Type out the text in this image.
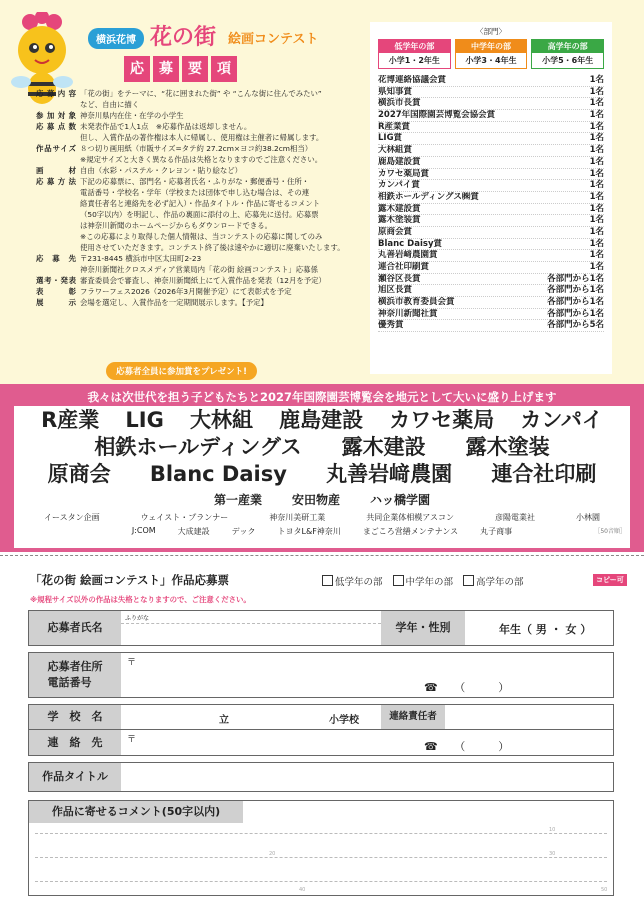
横浜花博 花の街 絵画コンテスト
応	募	要	項
応募内容 「花の街」をテーマに、“花に囲まれた街” や “こんな街に住んでみたい”
など、自由に描く
参加対象 神奈川県内在住・在学の小学生
応募点数 未発表作品で1人1点　※応募作品は返却しません。
但し、入賞作品の著作権は本人に帰属し、使用権は主催者に帰属します。
作品サイズ ８つ切り画用紙（市販サイズ=タテ約 27.2cm×ヨコ約38.2cm相当）
※規定サイズと大きく異なる作品は失格となりますのでご注意ください。
画　材 自由（水彩・パステル・クレヨン・貼り絵など）
応募方法 下記の応募票に、部門名・応募者氏名・ふりがな・郵便番号・住所・
電話番号・学校名・学年（学校または団体で申し込む場合は、その連
絡責任者名と連絡先を必ず記入）・作品タイトル・作品に寄せるコメント
（50字以内）を明記し、作品の裏面に添付の上、応募先に送付。応募票
は神奈川新聞のホームページからもダウンロードできる。
※この応募により取得した個人情報は、当コンテストの応募に関してのみ
使用させていただきます。コンテスト終了後は速やかに適切に廃棄いたします。
応募先 〒231-8445 横浜市中区太田町2-23
神奈川新聞社クロスメディア営業局内「花の街 絵画コンテスト」応募係
選考・発表 審査委員会で審査し、神奈川新聞紙上にて入賞作品を発表（12月を予定）
表　彰 フラワーフェス2026（2026年3月開催予定）にて表彰式を予定
展　示 会場を選定し、入賞作品を一定期間展示します。【予定】
応募者全員に参加賞をプレゼント!
〈部門〉
低学年の部
小学1・2年生
中学年の部
小学3・4年生
高学年の部
小学5・6年生
花博連絡協議会賞	1名
県知事賞	1名
横浜市長賞	1名
2027年国際園芸博覧会協会賞	1名
R産業賞	1名
LIG賞	1名
大林組賞	1名
鹿島建設賞	1名
カワセ薬局賞	1名
カンパイ賞	1名
相鉄ホールディングス㈱賞	1名
露木建設賞	1名
露木塗装賞	1名
原商会賞	1名
Blanc Daisy賞	1名
丸善岩﨑農園賞	1名
連合社印刷賞	1名
瀬谷区長賞	各部門から1名
旭区長賞	各部門から1名
横浜市教育委員会賞	各部門から1名
神奈川新聞社賞	各部門から1名
優秀賞	各部門から5名
我々は次世代を担う子どもたちと2027年国際園芸博覧会を地元として大いに盛り上げます
R産業 LIG 大林組 鹿島建設 カワセ薬局 カンパイ
相鉄ホールディングス 露木建設 露木塗装
原商会 Blanc Daisy 丸善岩﨑農園 連合社印刷
第一産業	安田物産	ハッ橋学園
イースタン企画	ウェイスト・プランナー	神奈川美研工業	共同企業体相模アスコン	彦陽電業社	小林園
J:COM	大成建設	デック	トヨタL&F神奈川	まごころ営繕メンテナンス	丸子商事	［50音順］
「花の街 絵画コンテスト」作品応募票	低学年の部	中学年の部	高学年の部	コピー可
※規程サイズ以外の作品は失格となりますので、ご注意ください。
応募者氏名
ふりがな
学年・性別	年生（ 男 ・ 女 ）
応募者住所
電話番号
〒
☎　　（　　　）
学　校　名	立	小学校	連絡責任者
連　絡　先	〒	☎　　（　　　）
作品タイトル
作品に寄せるコメント(50字以内)
10
20	30
40	50
